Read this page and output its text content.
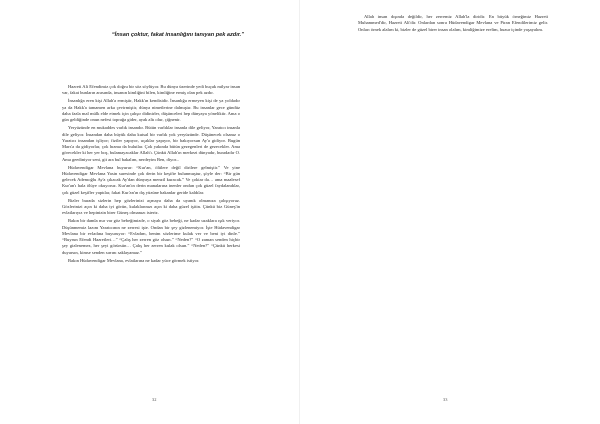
“İnsan çoktur, fakat insanlığını tanıyan pek azdır.”

Hazreti Ali Efendimiz çok doğru bir söz söylüyor. Bu dünya üzerinde yedi buçuk milyar insan var, fakat bunların arasında, insanın kimliğini bilen, kimliğine ermiş olan pek azdır.

İnsanlığa eren kişi Allah'a ermiştir, Hakk'ın kendisidir. İnsanlığa ermeyen kişi de ya yoldadır ya da Hakk'a tamamen arka çevirmiştir, dünya nimetlerine dalmıştır. Bu insanlar gece gündüz daha fazla mal mülk elde etmek için çalışır didinirler, düşünceleri hep dünyaya yöneliktir. Ama o gün geldiğinde onun nefesi toprağa gider, ayak altı olur, çiğnenir.

Yeryüzünde en mukaddes varlık insandır. Bütün varlıklar insanla dile geliyor, Yaratıcı insanla dile geliyor. İnsandan daha büyük daha kutsal bir varlık yok yeryüzünde. Düşünecek olsanız o Yaratıcı insandan işliyor; fiziler yapıyor, uçaklar yapıyor, bir bakıyorsun Ay'a gidiyor. Bugün Mars'a da gidiyorlar, çok hızma da bulutlar. Çok yakında bütün gezegenleri de gezecekler. Ama görecekler ki her yer boş, bulamayacaklar Allah'ı. Çünkü Allah'ın merkezi dünyadır, buradadır O. Ama geediniyor seni, git ara bul bakalım, nerdeyim Ben, diyor...

Hüdavendigar Mevlana buyurur: “Kur'an, ölülere değil dirilere gelmiştir.” Ve yine Hüdavendigar Mevlana Yasin suresinde çok derin bir keşifte bulunmuştur, şöyle der: “Bir gün gelecek Ademoğlu Ay'a çıkacak Ay'dan dünyaya menzil kuracak.” Ve çokiar da… ama maalesef Kur'an'ı hala ölüye okuyoruz. Kur'an'ın derin manalarına inenler ondan çok güzel faydalandılar, çok güzel keşifler yaptılar, fakat Kur'an'ın dış yüzüne bakanlar geride kaldılar.

Bizler burada sizlerin hep gözlerinizi açmaya daha da uyanık olmanıza çalışıyoruz. Gözlerinizi açın ki daha iyi görün, kulaklarınızı açın ki daha güzel işitin. Çünkü biz Güneş'in evlatlarıyız ve hepinizin birer Güneş olmanızı isteriz.

Bakın bir damla nur var göz bebeğimizde, o siyah göz bebeği, ne kadar uzaklara ışık veriyor. Düşünmemiz lazım Yaratıcının ne zerresi işte. Ondan bir şey gizlenemiyor. İşte Hüdavendigar Mevlana bir evladına buyuruyor: “Evladım, benim sözlerime kulak ver ve beni iyi dinle.” “Buyrun Efendi Hazretleri…” “Çalış her zerren göz olsun.” “Neden?” “O zaman senden hiçbir şey gizlenemez, her şeyi görürsün… Çalış her zerren kulak olsun.” “Neden?” “Çünkü herkesi duyarsın, kimse senden sırrını saklayamaz.”

Bakın Hüdavendigar Mevlana, evlatlarına ne kadar yüce görmek istiyor.

32

Allah insan dışında değildir, her zerremiz Allah'la diridir. En büyük örneğimiz Hazreti Muhammed'dir, Hazreti Ali'dir. Onlardan sonra Hüdavendigar Mevlana ve Piran Efendilerimiz gelir. Onları örnek alalım ki, bizler de güzel birer insan olalım, kimliğimize erelim, huzur içinde yaşayalım.

33
